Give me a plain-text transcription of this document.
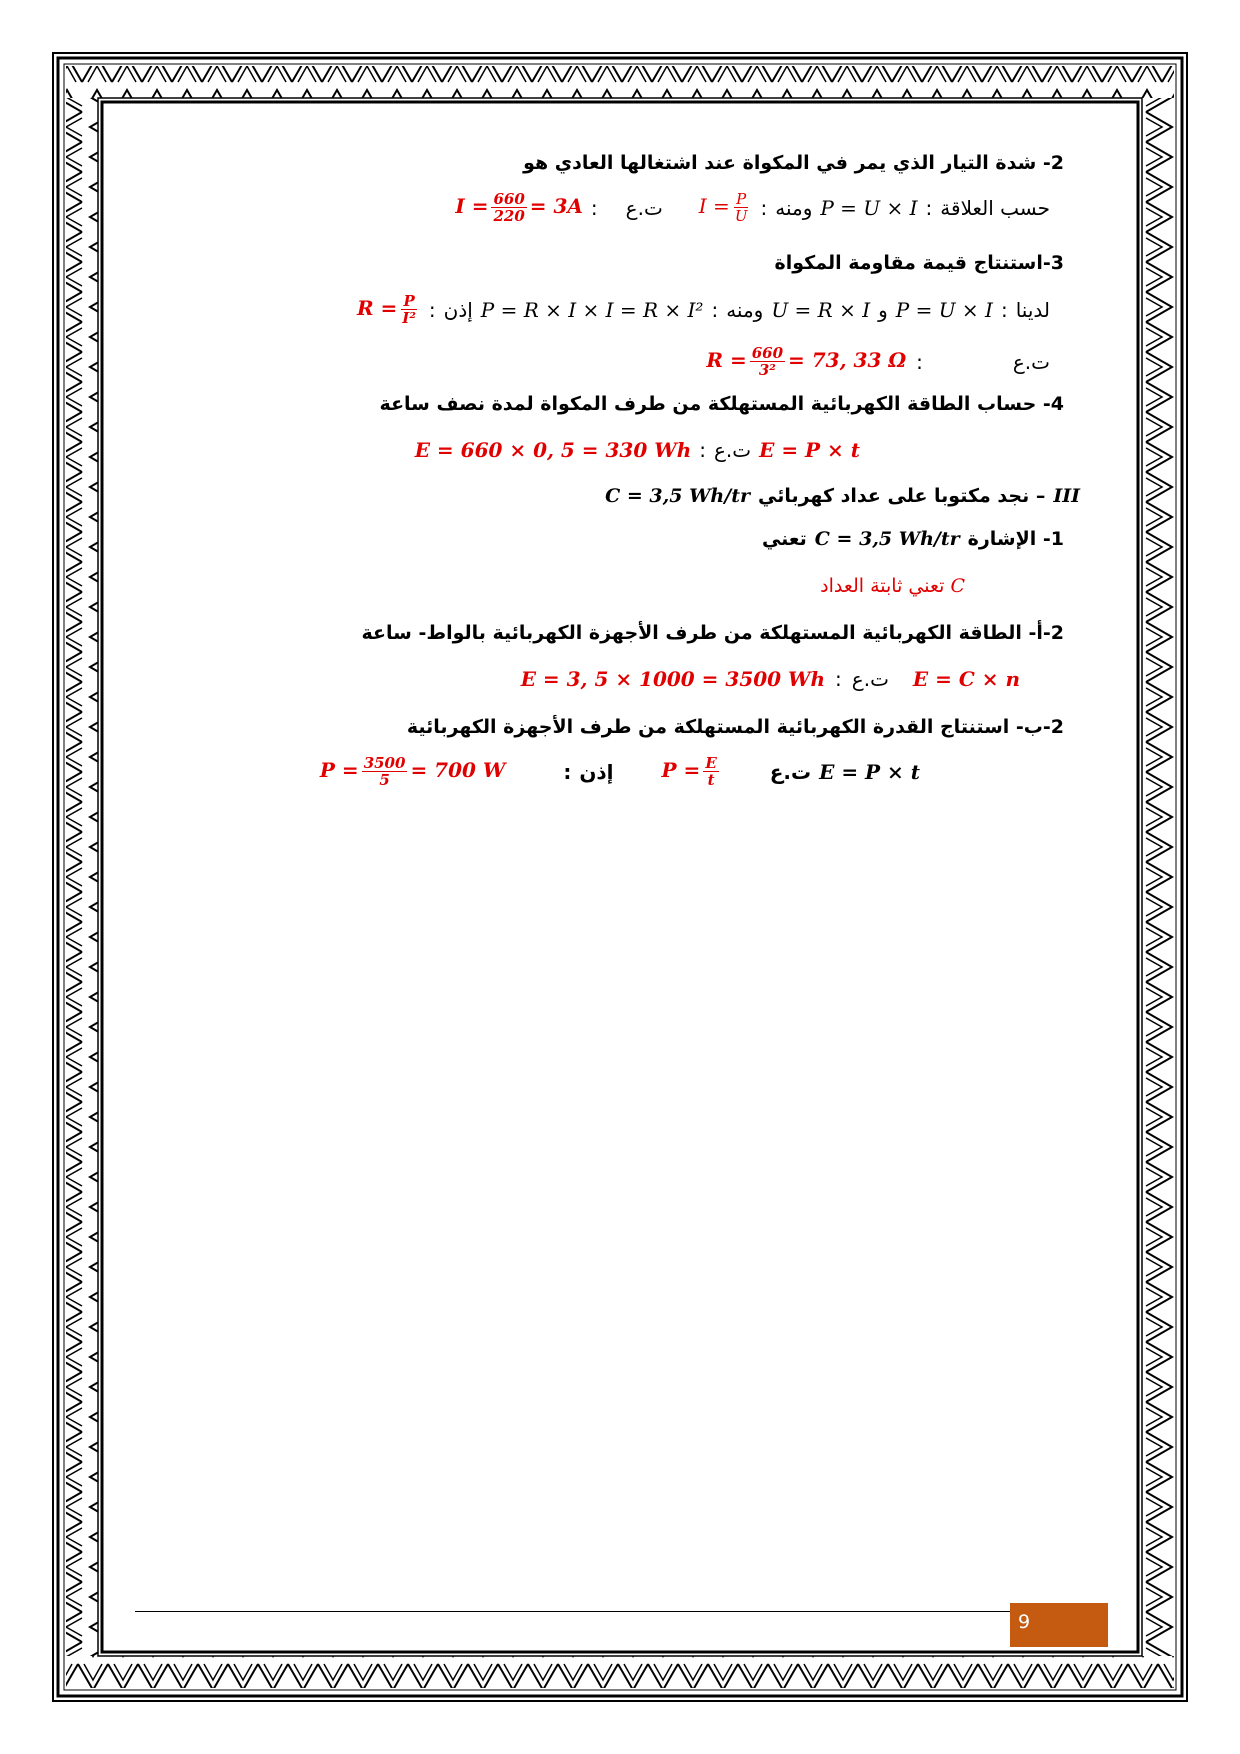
2- شدة التيار الذي يمر في المكواة عند اشتغالها العادي هو
حسب العلاقة
:
P = U × I
ومنه
:
$I = \frac{P}{U}$
ت.ع
:
$I = \frac{660}{220} = 3A$
3-استنتاج قيمة مقاومة المكواة
لدينا
:
P = U × I
و
U = R × I
ومنه
:
P = R × I × I = R × I²
إذن
:
$R = \frac{P}{\text{I²}}$
ت.ع
:
$R = \frac{660}{\text{3²}} = 73$, 33 Ω
4- حساب الطاقة الكهربائية المستهلكة من طرف المكواة لمدة نصف ساعة
E = P × t
ت.ع
:
E = 660 × 0, 5 = 330 Wh
III
– نجد مكتوبا على عداد كهربائي
C = 3,5 Wh/tr
1- الإشارة
C = 3,5 Wh/tr
تعني
C
تعني ثابتة العداد
2-أ- الطاقة الكهربائية المستهلكة من طرف الأجهزة الكهربائية بالواط- ساعة
E = C × n
ت.ع
:
E = 3, 5 × 1000 = 3500 Wh
2-ب- استنتاج القدرة الكهربائية المستهلكة من طرف الأجهزة الكهربائية
E = P × t
ت.ع
$P = \frac{E}{t}$
إذن
:
$P = \frac{3500}{5} = 700$ W
9
